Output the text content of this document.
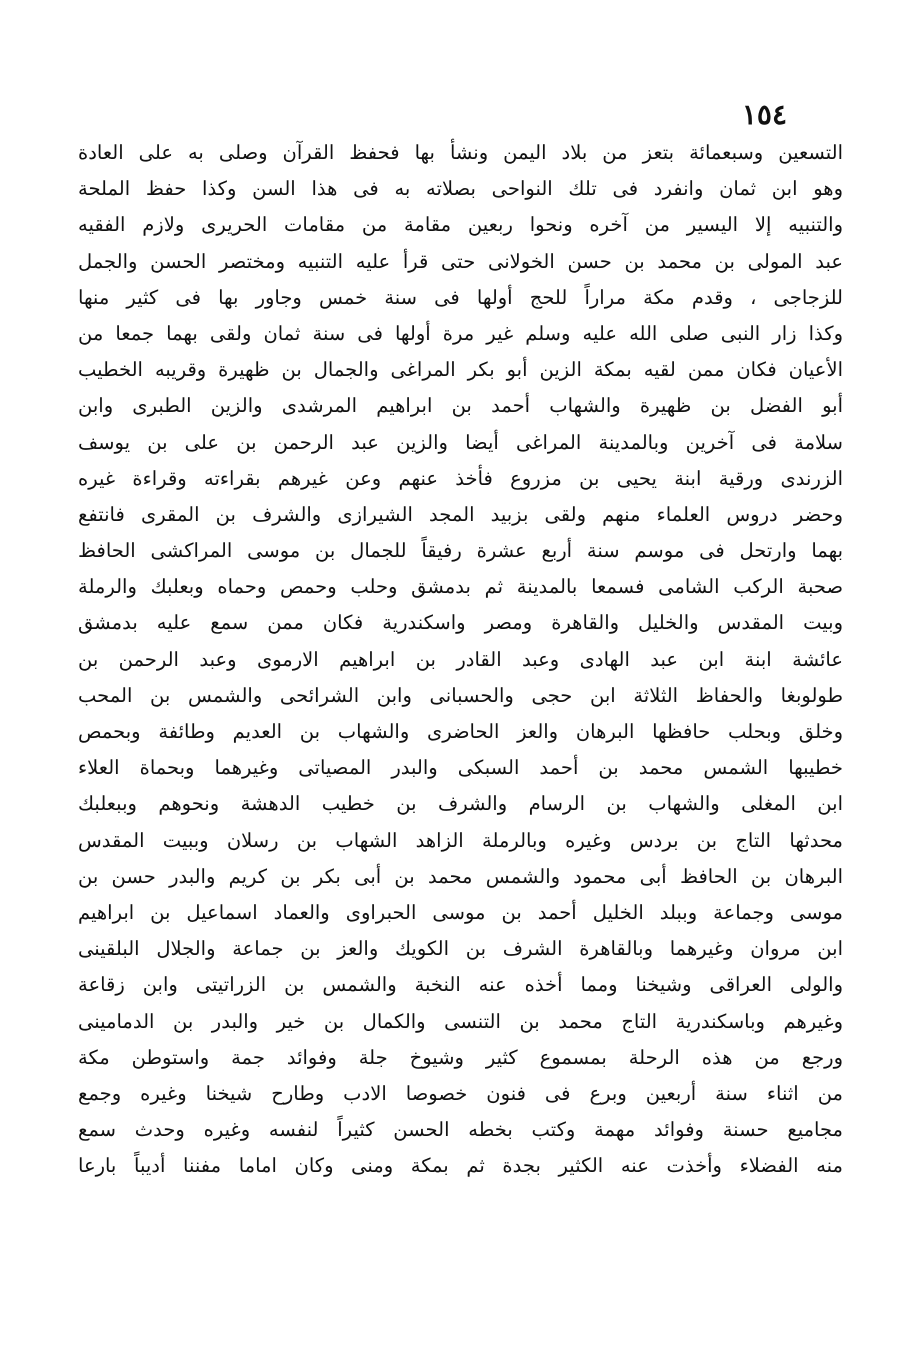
١٥٤
التسعين وسبعمائة بتعز من بلاد اليمن ونشأ بها فحفظ القرآن وصلى به على العادة
وهو ابن ثمان وانفرد فى تلك النواحى بصلاته به فى هذا السن وكذا حفظ الملحة
والتنبيه إلا اليسير من آخره ونحوا ربعين مقامة من مقامات الحريرى ولازم الفقيه
عبد المولى بن محمد بن حسن الخولانى حتى قرأ عليه التنبيه ومختصر الحسن والجمل
للزجاجى ، وقدم مكة مراراً للحج أولها فى سنة خمس وجاور بها فى كثير منها
وكذا زار النبى صلى الله عليه وسلم غير مرة أولها فى سنة ثمان ولقى بهما جمعا من
الأعيان فكان ممن لقيه بمكة الزين أبو بكر المراغى والجمال بن ظهيرة وقريبه الخطيب
أبو الفضل بن ظهيرة والشهاب أحمد بن ابراهيم المرشدى والزين الطبرى وابن
سلامة فى آخرين وبالمدينة المراغى أيضا والزين عبد الرحمن بن على بن يوسف
الزرندى ورقية ابنة يحيى بن مزروع فأخذ عنهم وعن غيرهم بقراءته وقراءة غيره
وحضر دروس العلماء منهم ولقى بزبيد المجد الشيرازى والشرف بن المقرى فانتفع
بهما وارتحل فى موسم سنة أربع عشرة رفيقاً للجمال بن موسى المراكشى الحافظ
صحبة الركب الشامى فسمعا بالمدينة ثم بدمشق وحلب وحمص وحماه وبعلبك والرملة
وبيت المقدس والخليل والقاهرة ومصر واسكندرية فكان ممن سمع عليه بدمشق
عائشة ابنة ابن عبد الهادى وعبد القادر بن ابراهيم الارموى وعبد الرحمن بن
طولوبغا والحفاظ الثلاثة ابن حجى والحسبانى وابن الشرائحى والشمس بن المحب
وخلق وبحلب حافظها البرهان والعز الحاضرى والشهاب بن العديم وطائفة وبحمص
خطيبها الشمس محمد بن أحمد السبكى والبدر المصياتى وغيرهما وبحماة العلاء
ابن المغلى والشهاب بن الرسام والشرف بن خطيب الدهشة ونحوهم وببعلبك
محدثها التاج بن بردس وغيره وبالرملة الزاهد الشهاب بن رسلان وببيت المقدس
البرهان بن الحافظ أبى محمود والشمس محمد بن أبى بكر بن كريم والبدر حسن بن
موسى وجماعة وببلد الخليل أحمد بن موسى الحبراوى والعماد اسماعيل بن ابراهيم
ابن مروان وغيرهما وبالقاهرة الشرف بن الكويك والعز بن جماعة والجلال البلقينى
والولى العراقى وشيخنا ومما أخذه عنه النخبة والشمس بن الزراتيتى وابن زقاعة
وغيرهم وباسكندرية التاج محمد بن التنسى والكمال بن خير والبدر بن الدمامينى
ورجع من هذه الرحلة بمسموع كثير وشيوخ جلة وفوائد جمة واستوطن مكة
من اثناء سنة أربعين وبرع فى فنون خصوصا الادب وطارح شيخنا وغيره وجمع
مجاميع حسنة وفوائد مهمة وكتب بخطه الحسن كثيراً لنفسه وغيره وحدث سمع
منه الفضلاء وأخذت عنه الكثير بجدة ثم بمكة ومنى وكان اماما مفننا أديباً بارعا
